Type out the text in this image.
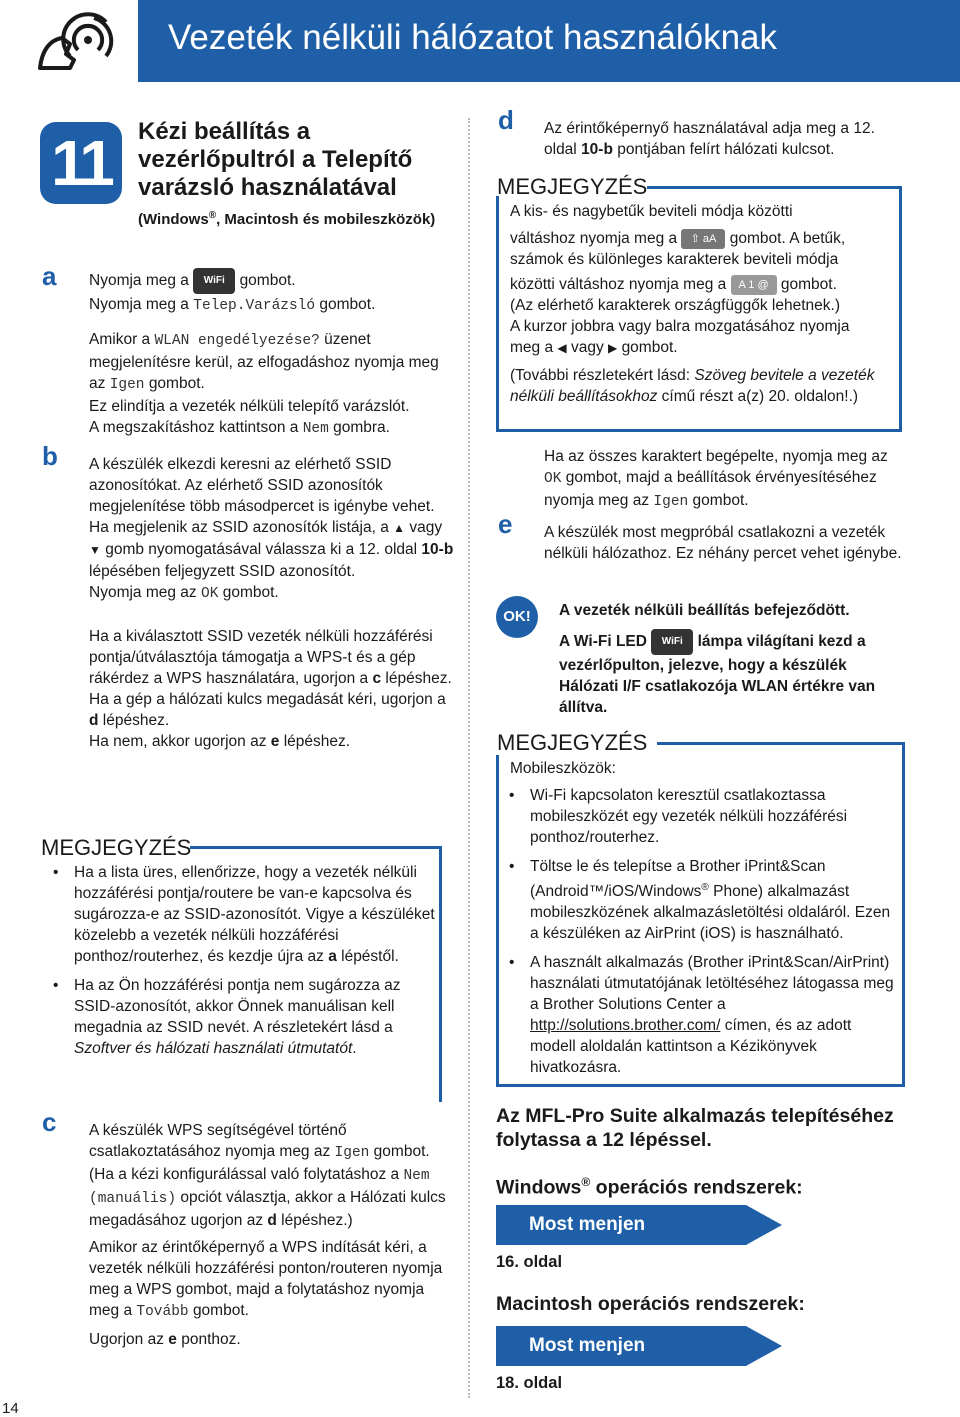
Vezeték nélküli hálózatot használóknak
11	Kézi beállítás a vezérlőpultról a Telepítő varázsló használatával
(Windows®, Macintosh és mobileszközök)
a Nyomja meg a WiFi gombot.
Nyomja meg a Telep.Varázsló gombot.
Amikor a WLAN engedélyezése? üzenet megjelenítésre kerül, az elfogadáshoz nyomja meg az Igen gombot.
Ez elindítja a vezeték nélküli telepítő varázslót.
A megszakításhoz kattintson a Nem gombra.
b A készülék elkezdi keresni az elérhető SSID azonosítókat. Az elérhető SSID azonosítók megjelenítése több másodpercet is igénybe vehet.
Ha megjelenik az SSID azonosítók listája, a ▲ vagy ▼ gomb nyomogatásával válassza ki a 12. oldal 10-b lépésében feljegyzett SSID azonosítót.
Nyomja meg az OK gombot.
Ha a kiválasztott SSID vezeték nélküli hozzáférési pontja/útválasztója támogatja a WPS-t és a gép rákérdez a WPS használatára, ugorjon a c lépéshez.
Ha a gép a hálózati kulcs megadását kéri, ugorjon a d lépéshez.
Ha nem, akkor ugorjon az e lépéshez.
MEGJEGYZÉS
• Ha a lista üres, ellenőrizze, hogy a vezeték nélküli hozzáférési pontja/routere be van-e kapcsolva és sugározza-e az SSID-azonosítót. Vigye a készüléket közelebb a vezeték nélküli hozzáférési ponthoz/routerhez, és kezdje újra az a lépéstől.
• Ha az Ön hozzáférési pontja nem sugározza az SSID-azonosítót, akkor Önnek manuálisan kell megadnia az SSID nevét. A részletekért lásd a Szoftver és hálózati használati útmutatót.
c A készülék WPS segítségével történő csatlakoztatásához nyomja meg az Igen gombot. (Ha a kézi konfigurálással való folytatáshoz a Nem (manuális) opciót választja, akkor a Hálózati kulcs megadásához ugorjon az d lépéshez.)
Amikor az érintőképernyő a WPS indítását kéri, a vezeték nélküli hozzáférési ponton/routeren nyomja meg a WPS gombot, majd a folytatáshoz nyomja meg a Tovább gombot.
Ugorjon az e ponthoz.
d Az érintőképernyő használatával adja meg a 12. oldal 10-b pontjában felírt hálózati kulcsot.
MEGJEGYZÉS
A kis- és nagybetűk beviteli módja közötti
váltáshoz nyomja meg a ⇧ aA gombot. A betűk,
számok és különleges karakterek beviteli módja
közötti váltáshoz nyomja meg a A 1 @ gombot.
(Az elérhető karakterek országfüggők lehetnek.)
A kurzor jobbra vagy balra mozgatásához nyomja
meg a ◀ vagy ▶ gombot.
(További részletekért lásd: Szöveg bevitele a vezeték nélküli beállításokhoz című részt a(z) 20. oldalon!.)
Ha az összes karaktert begépelte, nyomja meg az OK gombot, majd a beállítások érvényesítéséhez nyomja meg az Igen gombot.
e A készülék most megpróbál csatlakozni a vezeték nélküli hálózathoz. Ez néhány percet vehet igénybe.
OK!	A vezeték nélküli beállítás befejeződött.
A Wi-Fi LED WiFi lámpa világítani kezd a vezérlőpulton, jelezve, hogy a készülék Hálózati I/F csatlakozója WLAN értékre van állítva.
MEGJEGYZÉS
Mobileszközök:
• Wi-Fi kapcsolaton keresztül csatlakoztassa mobileszközét egy vezeték nélküli hozzáférési ponthoz/routerhez.
• Töltse le és telepítse a Brother iPrint&Scan (Android™/iOS/Windows® Phone) alkalmazást mobileszközének alkalmazásletöltési oldaláról. Ezen a készüléken az AirPrint (iOS) is használható.
• A használt alkalmazás (Brother iPrint&Scan/AirPrint) használati útmutatójának letöltéséhez látogassa meg a Brother Solutions Center a http://solutions.brother.com/ címen, és az adott modell aloldalán kattintson a Kézikönyvek hivatkozásra.
Az MFL-Pro Suite alkalmazás telepítéséhez folytassa a 12 lépéssel.
Windows® operációs rendszerek:
Most menjen
16. oldal
Macintosh operációs rendszerek:
Most menjen
18. oldal
14
